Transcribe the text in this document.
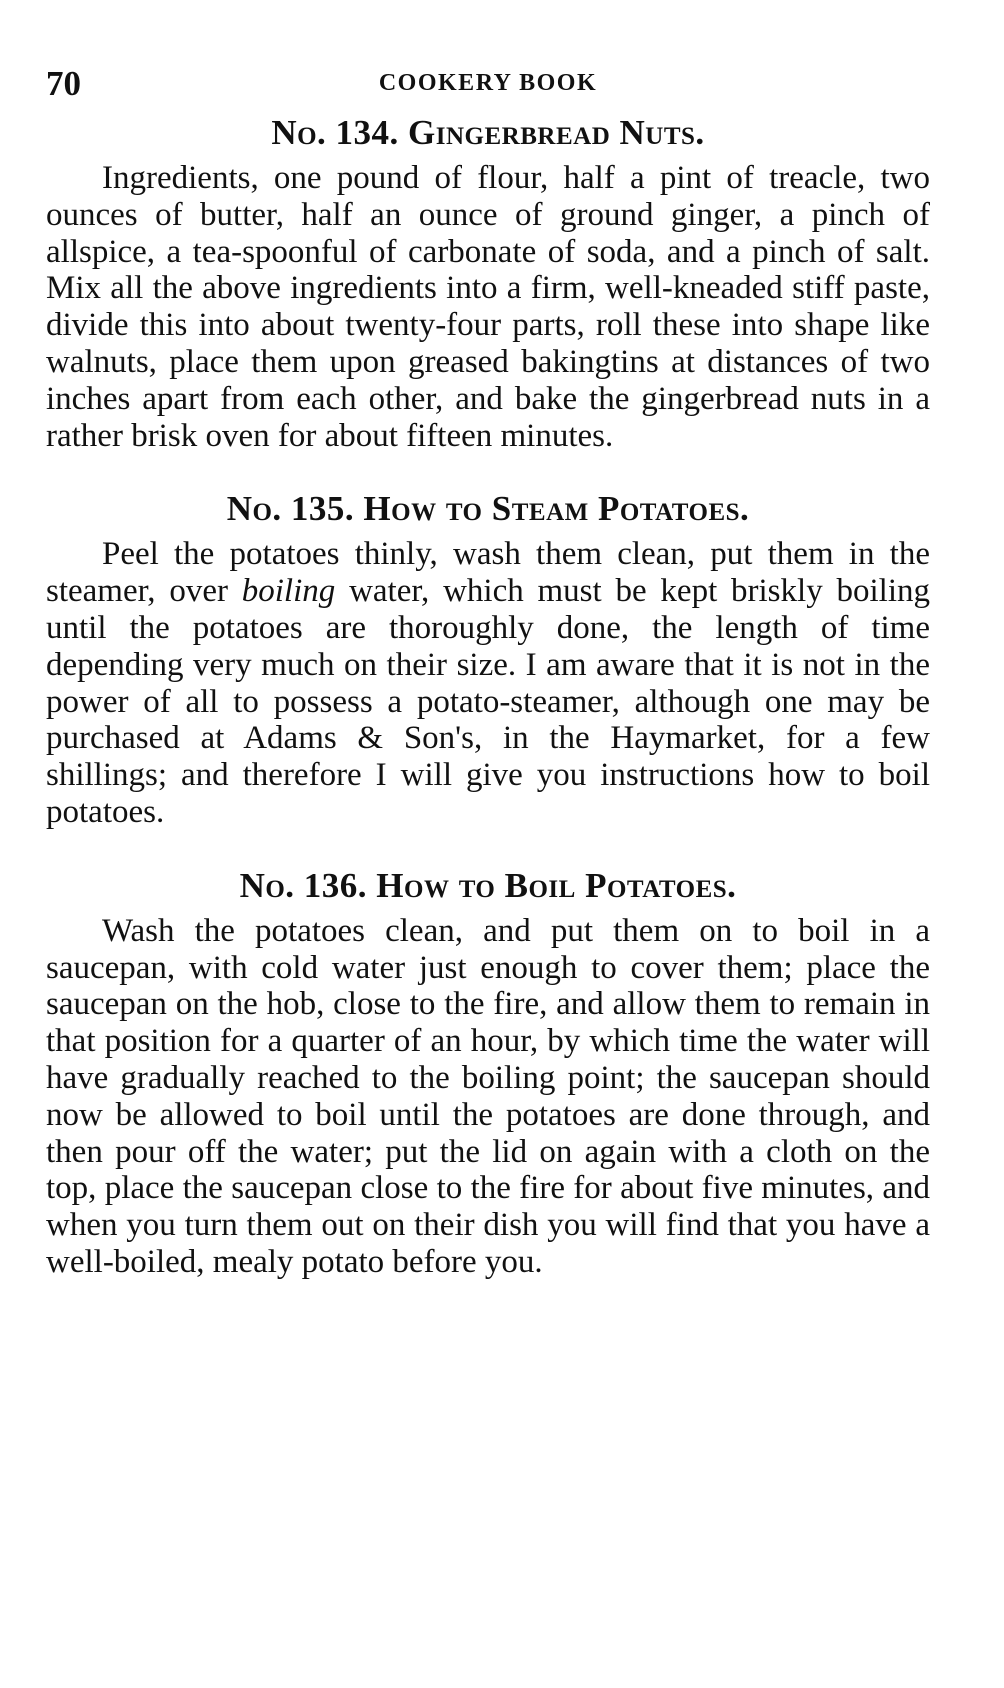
70	COOKERY BOOK
No. 134. Gingerbread Nuts.

Ingredients, one pound of flour, half a pint of treacle, two ounces of butter, half an ounce of ground ginger, a pinch of allspice, a tea-spoonful of carbonate of soda, and a pinch of salt. Mix all the above ingredients into a firm, well-kneaded stiff paste, divide this into about twenty-four parts, roll these into shape like walnuts, place them upon greased bakingtins at distances of two inches apart from each other, and bake the gingerbread nuts in a rather brisk oven for about fifteen minutes.

No. 135. How to Steam Potatoes.

Peel the potatoes thinly, wash them clean, put them in the steamer, over boiling water, which must be kept briskly boiling until the potatoes are thoroughly done, the length of time depending very much on their size. I am aware that it is not in the power of all to possess a potato-steamer, although one may be purchased at Adams & Son's, in the Haymarket, for a few shillings; and therefore I will give you instructions how to boil potatoes.

No. 136. How to Boil Potatoes.

Wash the potatoes clean, and put them on to boil in a saucepan, with cold water just enough to cover them; place the saucepan on the hob, close to the fire, and allow them to remain in that position for a quarter of an hour, by which time the water will have gradually reached to the boiling point; the saucepan should now be allowed to boil until the potatoes are done through, and then pour off the water; put the lid on again with a cloth on the top, place the saucepan close to the fire for about five minutes, and when you turn them out on their dish you will find that you have a well-boiled, mealy potato before you.
